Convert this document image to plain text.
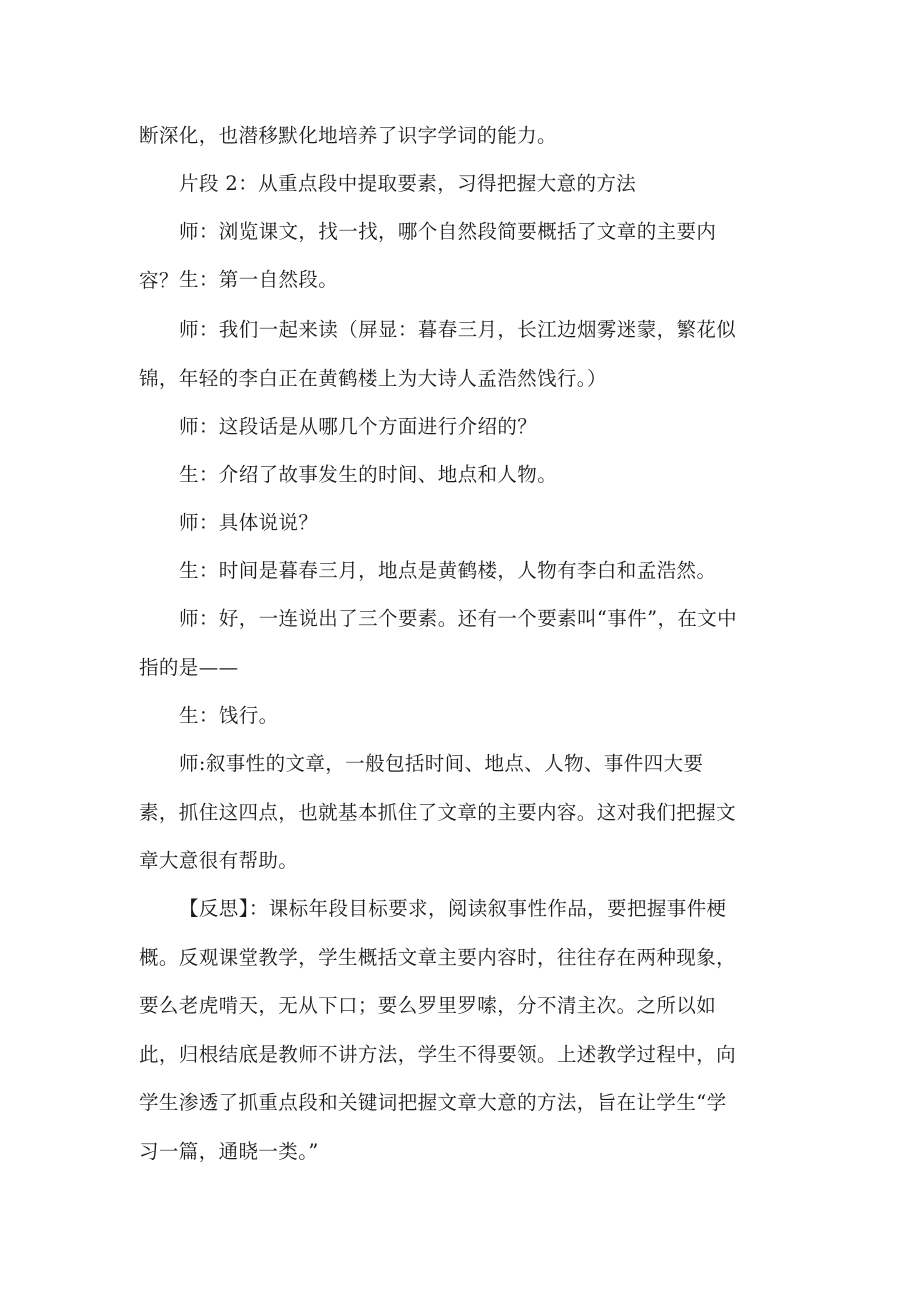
断深化，也潜移默化地培养了识字学词的能力。

片段 2：从重点段中提取要素，习得把握大意的方法

师：浏览课文，找一找，哪个自然段简要概括了文章的主要内容？ 生：第一自然段。

师：我们一起来读（屏显：暮春三月，长江边烟雾迷蒙，繁花似锦，年轻的李白正在黄鹤楼上为大诗人孟浩然饯行。）

师：这段话是从哪几个方面进行介绍的？

生：介绍了故事发生的时间、地点和人物。

师：具体说说？

生：时间是暮春三月，地点是黄鹤楼，人物有李白和孟浩然。

师：好，一连说出了三个要素。还有一个要素叫“事件”，在文中指的是——

生：饯行。

师:叙事性的文章，一般包括时间、地点、人物、事件四大要素，抓住这四点，也就基本抓住了文章的主要内容。这对我们把握文章大意很有帮助。

【反思】：课标年段目标要求，阅读叙事性作品，要把握事件梗概。反观课堂教学，学生概括文章主要内容时，往往存在两种现象，要么老虎啃天，无从下口；要么罗里罗嗦，分不清主次。之所以如此，归根结底是教师不讲方法，学生不得要领。上述教学过程中，向学生渗透了抓重点段和关键词把握文章大意的方法，旨在让学生“学习一篇，通晓一类。”
